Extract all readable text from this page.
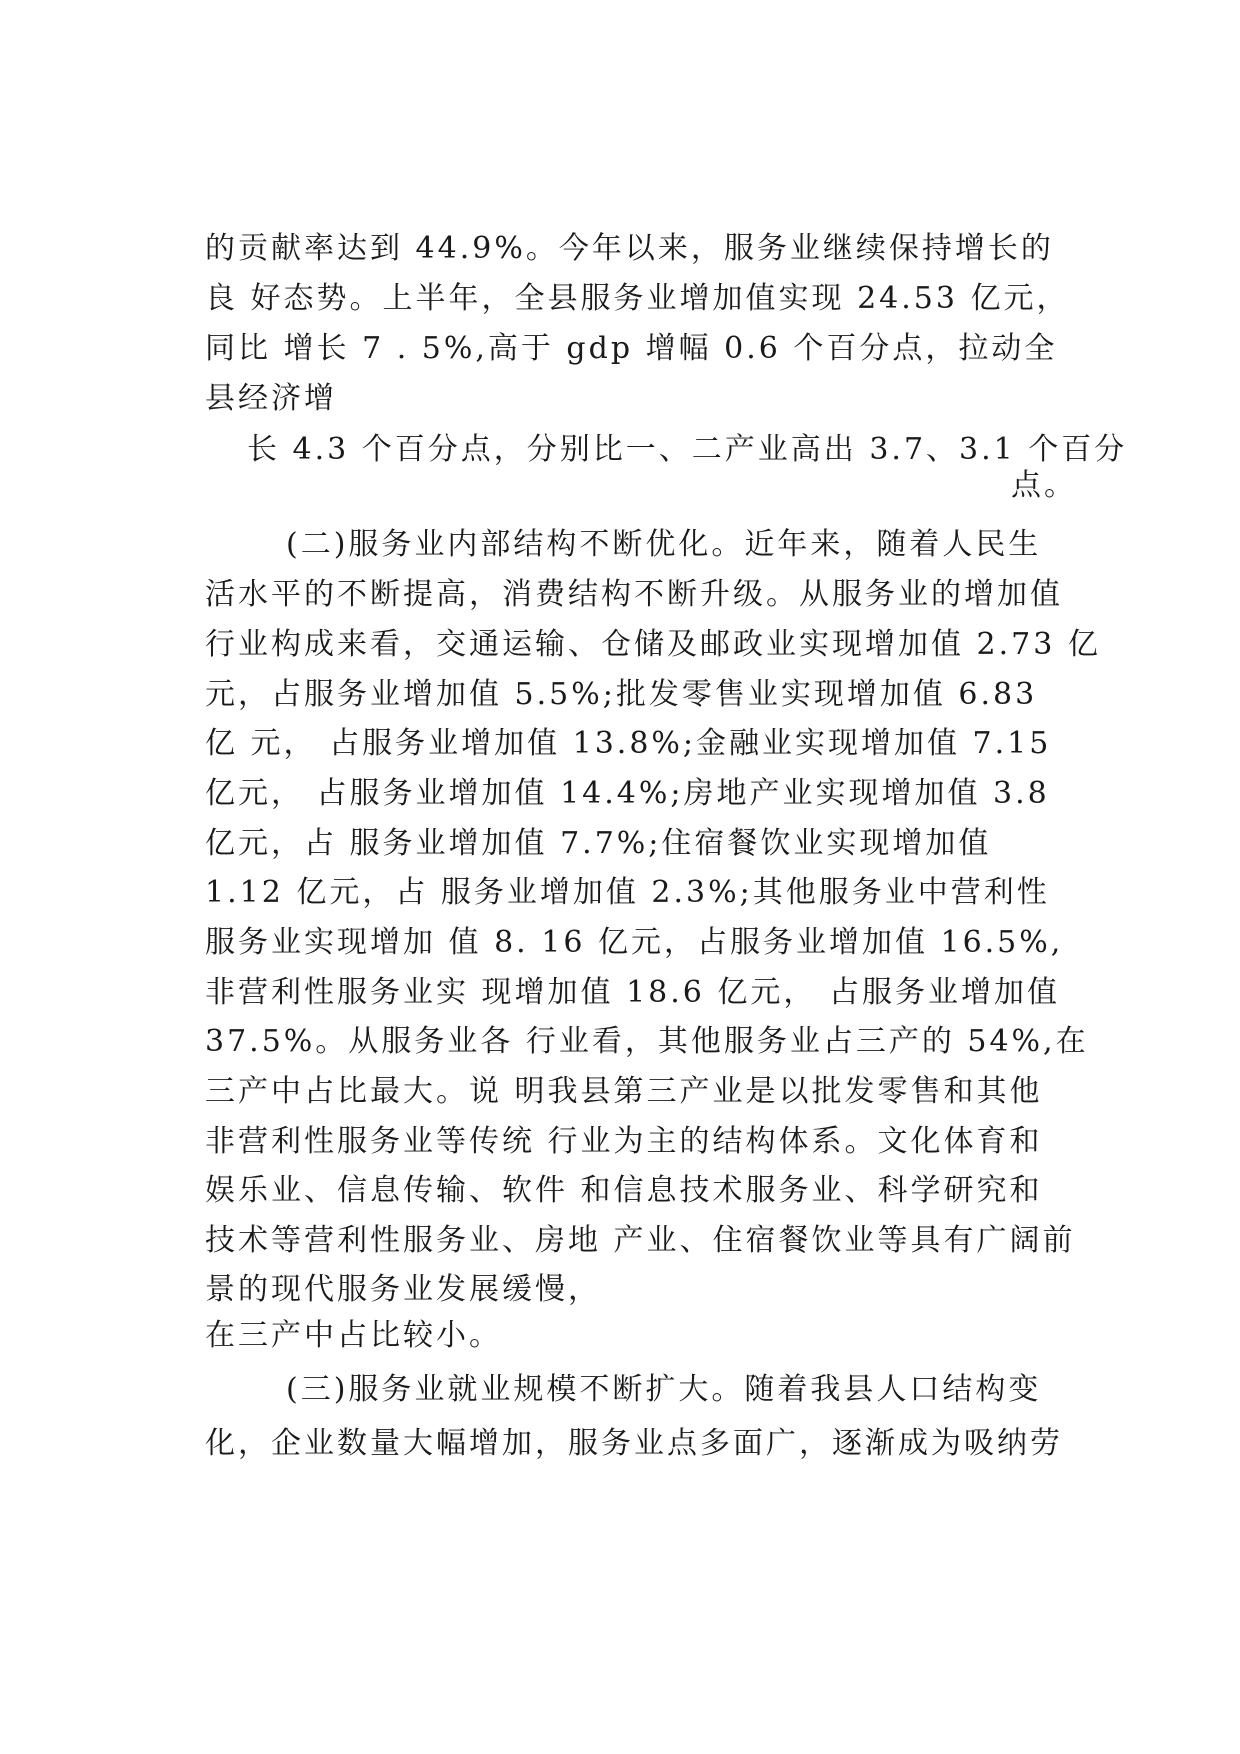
的贡献率达到 44.9%。今年以来，服务业继续保持增长的
良 好态势。上半年，全县服务业增加值实现 24.53 亿元，
同比 增长 7 . 5%,高于 gdp 增幅 0.6 个百分点，拉动全
县经济增
长 4.3 个百分点，分别比一、二产业高出 3.7、3.1 个百分
点。
(二)服务业内部结构不断优化。近年来，随着人民生
活水平的不断提高，消费结构不断升级。从服务业的增加值
行业构成来看，交通运输、仓储及邮政业实现增加值 2.73 亿
元，占服务业增加值 5.5%;批发零售业实现增加值 6.83
亿 元， 占服务业增加值 13.8%;金融业实现增加值 7.15
亿元， 占服务业增加值 14.4%;房地产业实现增加值 3.8
亿元，占 服务业增加值 7.7%;住宿餐饮业实现增加值
1.12 亿元，占 服务业增加值 2.3%;其他服务业中营利性
服务业实现增加 值 8. 16 亿元，占服务业增加值 16.5%,
非营利性服务业实 现增加值 18.6 亿元， 占服务业增加值
37.5%。从服务业各 行业看，其他服务业占三产的 54%,在
三产中占比最大。说 明我县第三产业是以批发零售和其他
非营利性服务业等传统 行业为主的结构体系。文化体育和
娱乐业、信息传输、软件 和信息技术服务业、科学研究和
技术等营利性服务业、房地 产业、住宿餐饮业等具有广阔前
景的现代服务业发展缓慢，
在三产中占比较小。
(三)服务业就业规模不断扩大。随着我县人口结构变
化，企业数量大幅增加，服务业点多面广，逐渐成为吸纳劳
